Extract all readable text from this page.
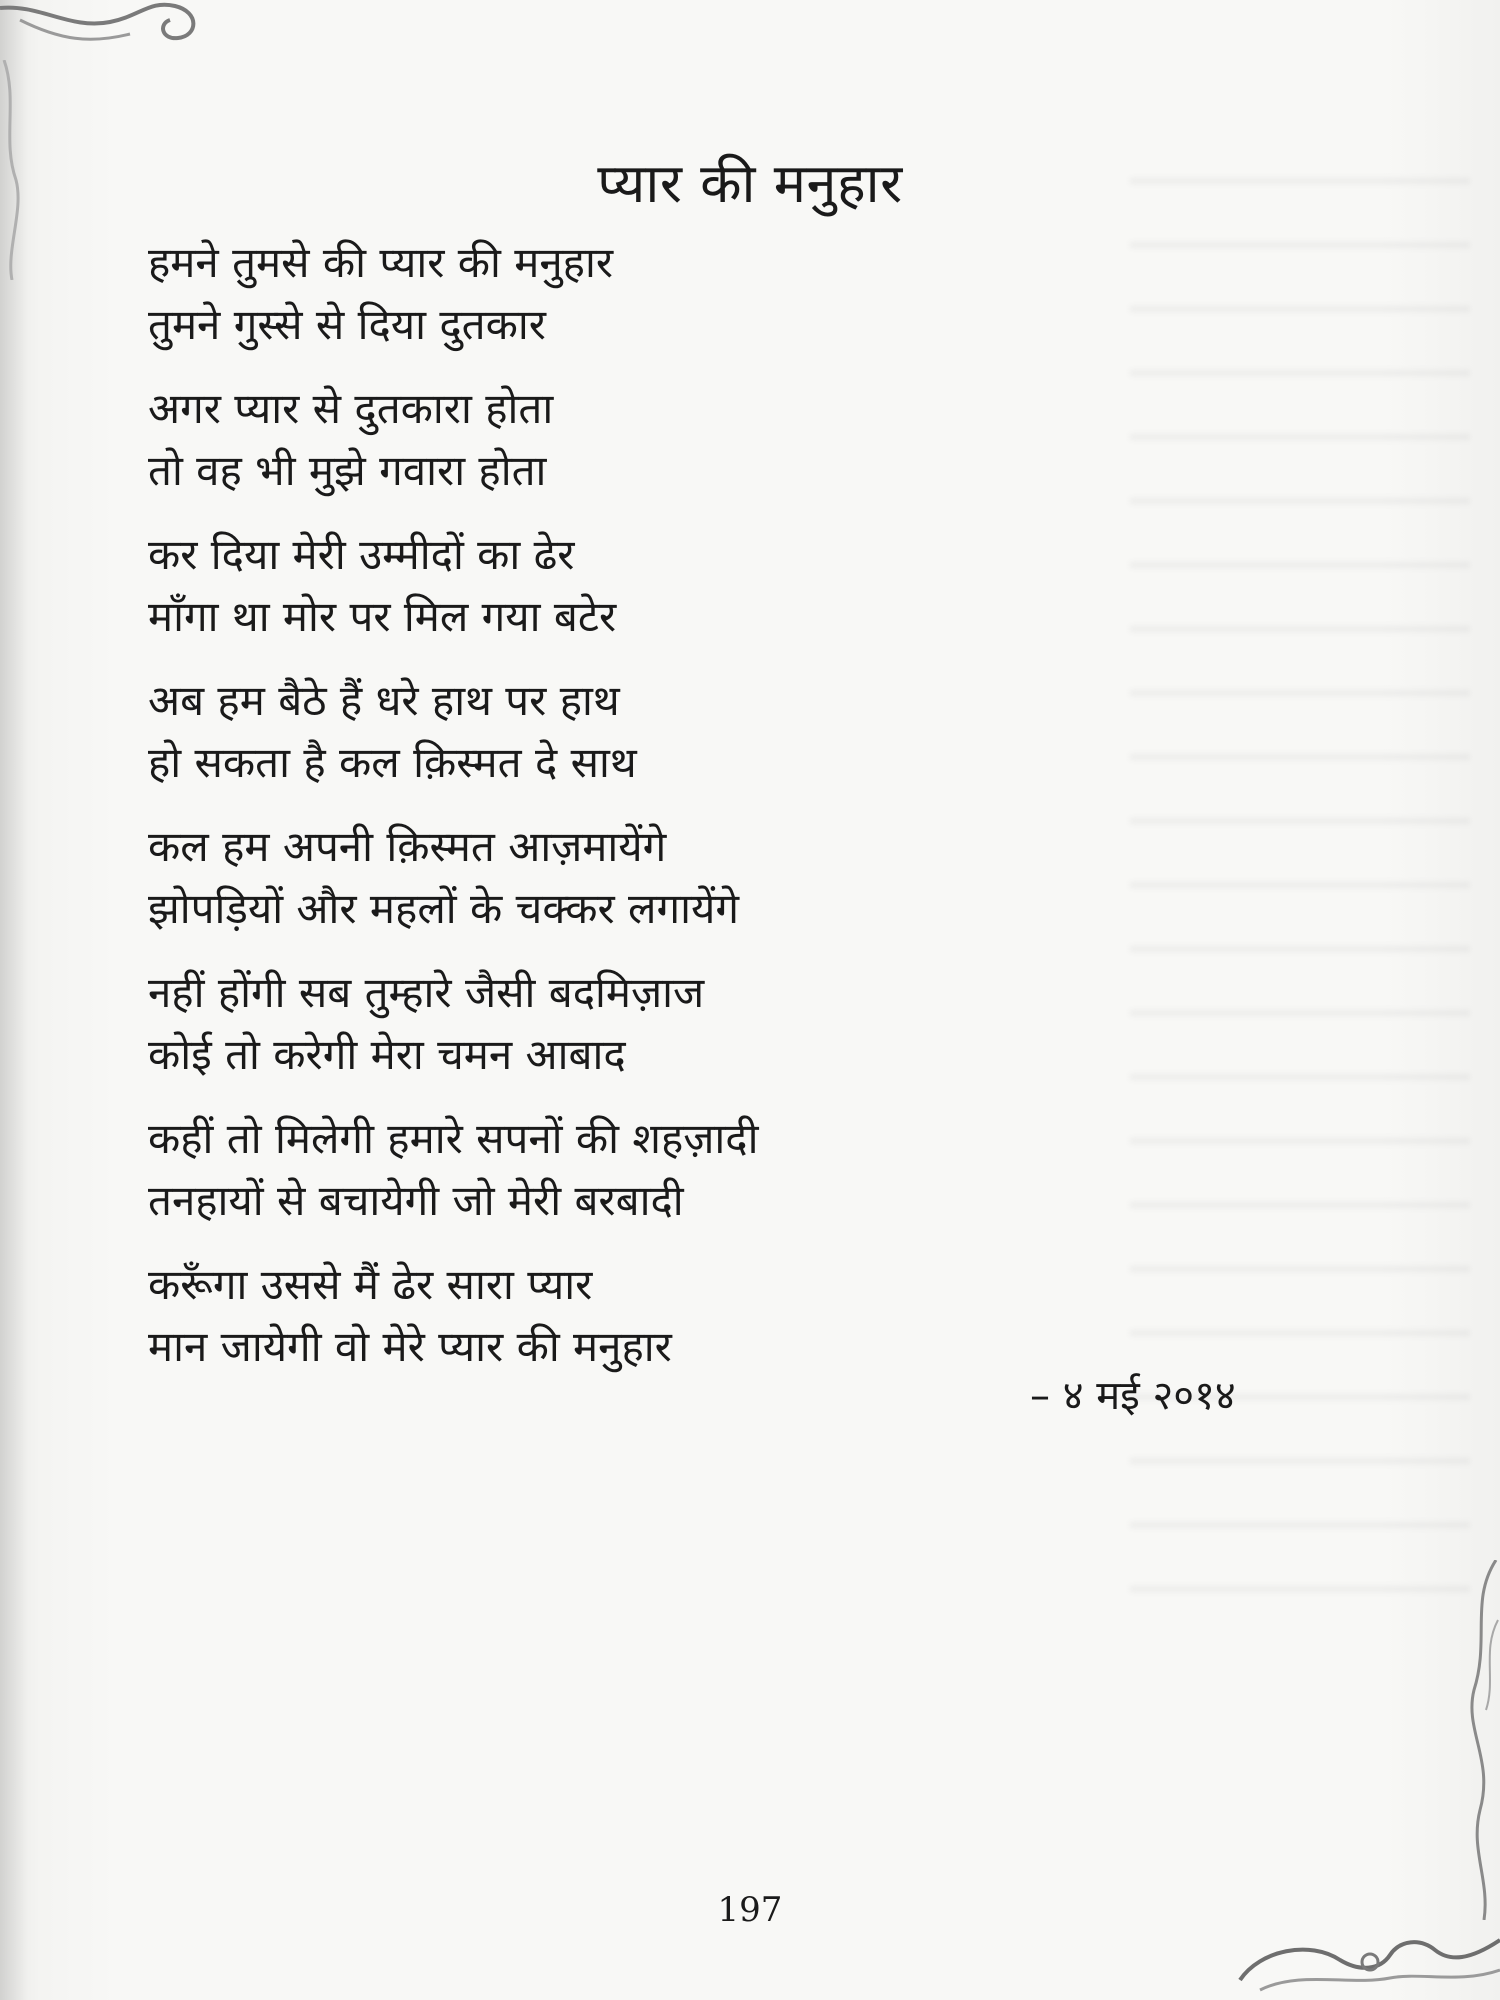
प्यार की मनुहार
हमने तुमसे की प्यार की मनुहार
तुमने गुस्से से दिया दुतकार
अगर प्यार से दुतकारा होता
तो वह भी मुझे गवारा होता
कर दिया मेरी उम्मीदों का ढेर
माँगा था मोर पर मिल गया बटेर
अब हम बैठे हैं धरे हाथ पर हाथ
हो सकता है कल क़िस्मत दे साथ
कल हम अपनी क़िस्मत आज़मायेंगे
झोपड़ियों और महलों के चक्कर लगायेंगे
नहीं होंगी सब तुम्हारे जैसी बदमिज़ाज
कोई तो करेगी मेरा चमन आबाद
कहीं तो मिलेगी हमारे सपनों की शहज़ादी
तनहायों से बचायेगी जो मेरी बरबादी
करूँगा उससे मैं ढेर सारा प्यार
मान जायेगी वो मेरे प्यार की मनुहार
– ४ मई २०१४
197
